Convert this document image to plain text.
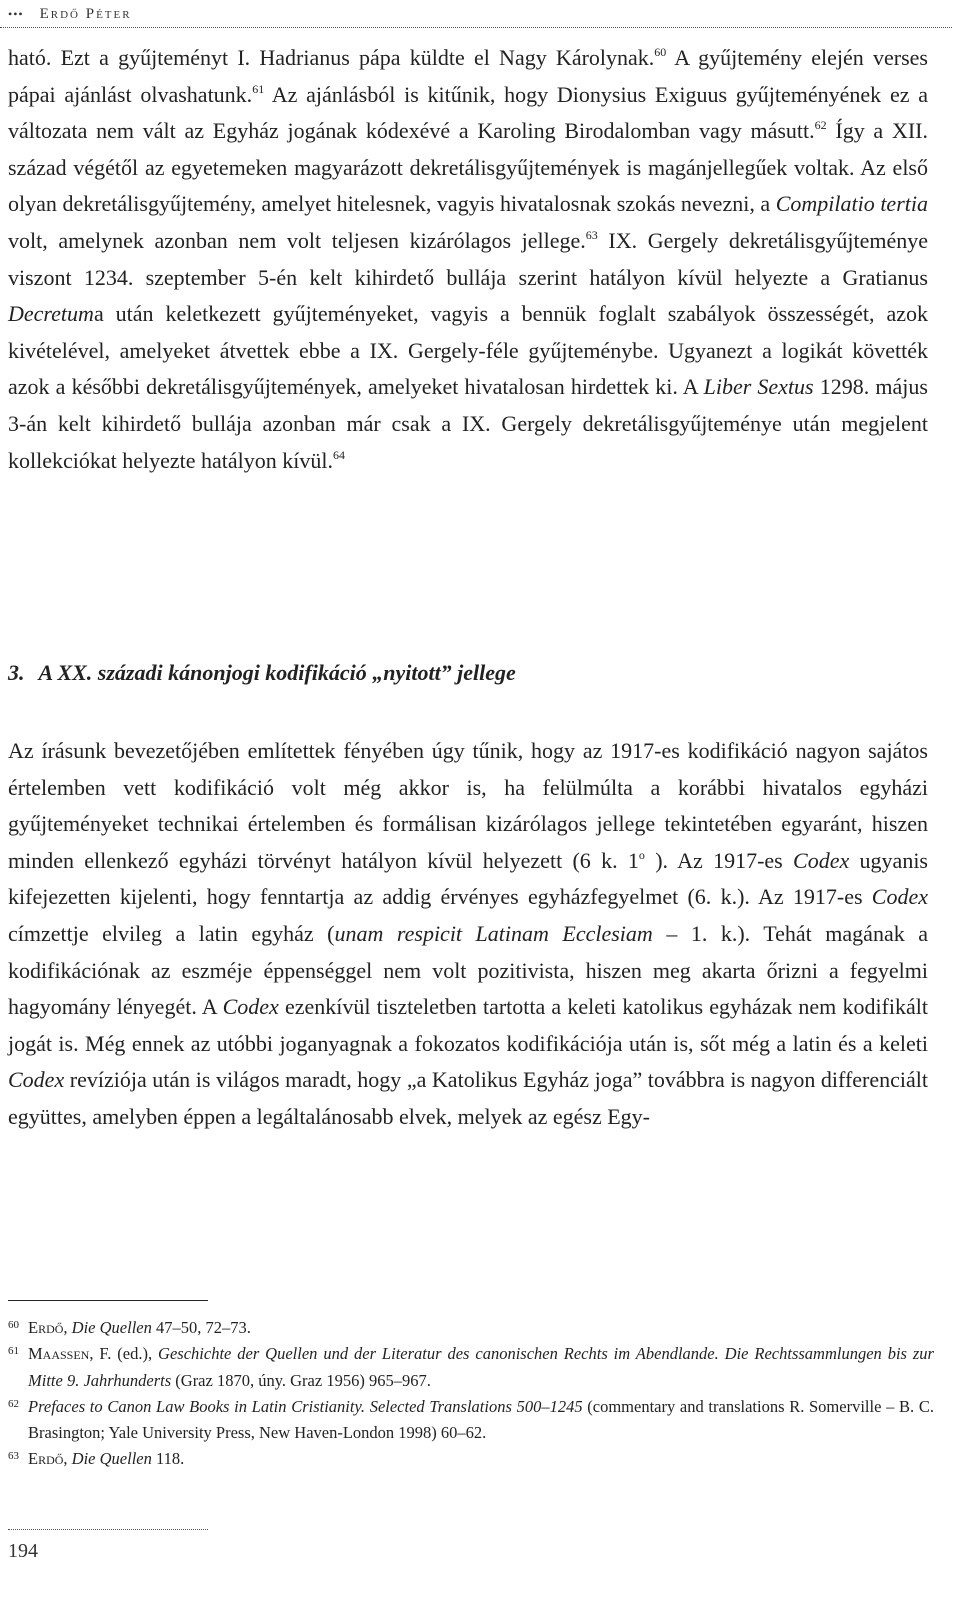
••• Erdő Péter

ható. Ezt a gyűjteményt I. Hadrianus pápa küldte el Nagy Károlynak.$^{60}$ A gyűjtemény elején verses pápai ajánlást olvashatunk.$^{61}$ Az ajánlásból is kitűnik, hogy Dionysius Exiguus gyűjteményének ez a változata nem vált az Egyház jogának kódexévé a Karoling Birodalomban vagy másutt.$^{62}$ Így a XII. század végétől az egyetemeken magyarázott dekretálisgyűjtemények is magánjellegűek voltak. Az első olyan dekretálisgyűjtemény, amelyet hitelesnek, vagyis hivatalosnak szokás nevezni, a Compilatio tertia volt, amelynek azonban nem volt teljesen kizárólagos jellege.$^{63}$ IX. Gergely dekretálisgyűjteménye viszont 1234. szeptember 5-én kelt kihirdető bullája szerint hatályon kívül helyezte a Gratianus Decretuma után keletkezett gyűjteményeket, vagyis a bennük foglalt szabályok összességét, azok kivételével, amelyeket átvettek ebbe a IX. Gergely-féle gyűjteménybe. Ugyanezt a logikát követték azok a későbbi dekretálisgyűjtemények, amelyeket hivatalosan hirdettek ki. A Liber Sextus 1298. május 3-án kelt kihirdető bullája azonban már csak a IX. Gergely dekretálisgyűjteménye után megjelent kollekciókat helyezte hatályon kívül.$^{64}$

3. A XX. századi kánonjogi kodifikáció „nyitott” jellege

Az írásunk bevezetőjében említettek fényében úgy tűnik, hogy az 1917-es kodifikáció nagyon sajátos értelemben vett kodifikáció volt még akkor is, ha felülmúlta a korábbi hivatalos egyházi gyűjteményeket technikai értelemben és formálisan kizárólagos jellege tekintetében egyaránt, hiszen minden ellenkező egyházi törvényt hatályon kívül helyezett (6 k. 1$^o$ ). Az 1917-es Codex ugyanis kifejezetten kijelenti, hogy fenntartja az addig érvényes egyházfegyelmet (6. k.). Az 1917-es Codex címzettje elvileg a latin egyház (unam respicit Latinam Ecclesiam – 1. k.). Tehát magának a kodifikációnak az eszméje éppenséggel nem volt pozitivista, hiszen meg akarta őrizni a fegyelmi hagyomány lényegét. A Codex ezenkívül tiszteletben tartotta a keleti katolikus egyházak nem kodifikált jogát is. Még ennek az utóbbi joganyagnak a fokozatos kodifikációja után is, sőt még a latin és a keleti Codex revíziója után is világos maradt, hogy „a Katolikus Egyház joga” továbbra is nagyon differenciált együttes, amelyben éppen a legáltalánosabb elvek, melyek az egész Egy-

60 Erdő, Die Quellen 47–50, 72–73.
61 Maassen, F. (ed.), Geschichte der Quellen und der Literatur des canonischen Rechts im Abendlande. Die Rechtssammlungen bis zur Mitte 9. Jahrhunderts (Graz 1870, úny. Graz 1956) 965–967.
62 Prefaces to Canon Law Books in Latin Cristianity. Selected Translations 500–1245 (commentary and translations R. Somerville – B. C. Brasington; Yale University Press, New Haven-London 1998) 60–62.
63 Erdő, Die Quellen 118.
194
